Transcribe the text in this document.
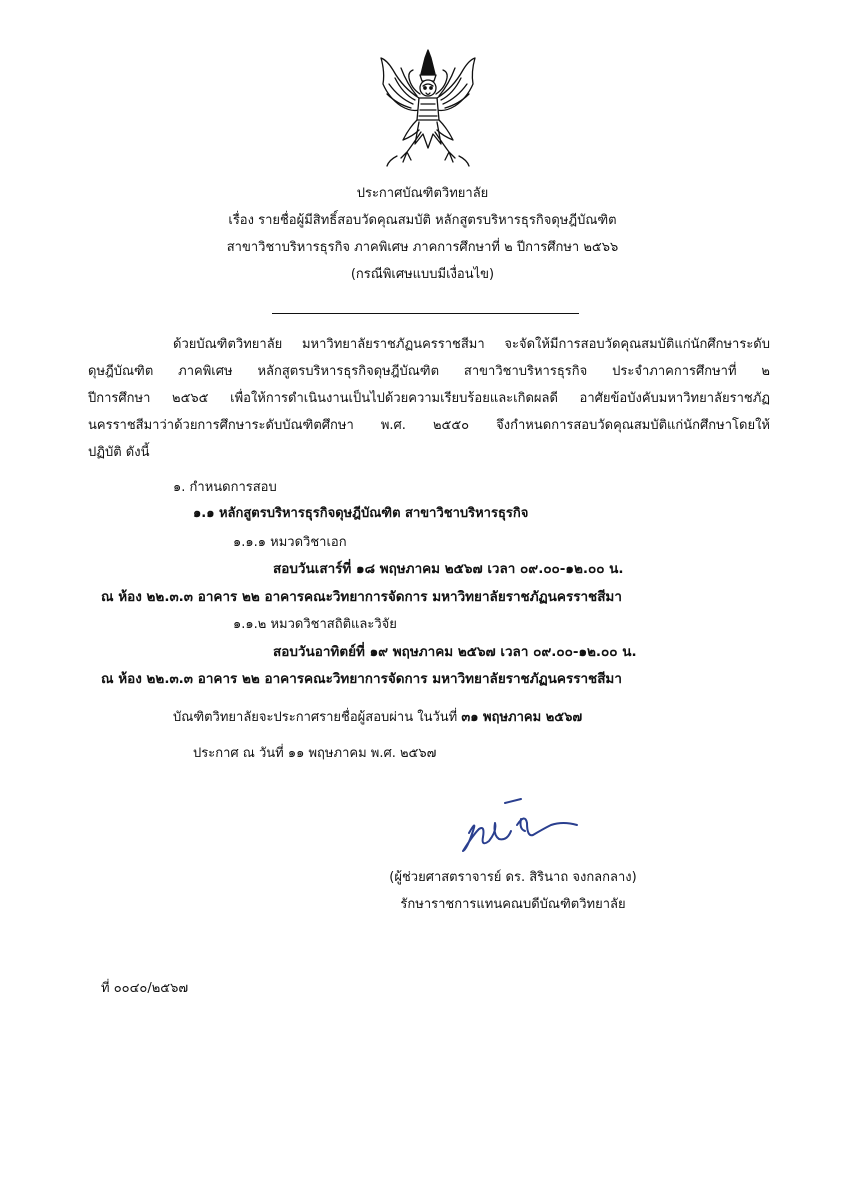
ประกาศบัณฑิตวิทยาลัย
เรื่อง รายชื่อผู้มีสิทธิ์สอบวัดคุณสมบัติ หลักสูตรบริหารธุรกิจดุษฎีบัณฑิต
สาขาวิชาบริหารธุรกิจ ภาคพิเศษ ภาคการศึกษาที่ ๒ ปีการศึกษา ๒๕๖๖
(กรณีพิเศษแบบมีเงื่อนไข)
ด้วยบัณฑิตวิทยาลัย มหาวิทยาลัยราชภัฏนครราชสีมา จะจัดให้มีการสอบวัดคุณสมบัติแก่นักศึกษาระดับ
ดุษฎีบัณฑิต ภาคพิเศษ หลักสูตรบริหารธุรกิจดุษฎีบัณฑิต สาขาวิชาบริหารธุรกิจ ประจำภาคการศึกษาที่ ๒
ปีการศึกษา ๒๕๖๕ เพื่อให้การดำเนินงานเป็นไปด้วยความเรียบร้อยและเกิดผลดี อาศัยข้อบังคับมหาวิทยาลัยราชภัฏ
นครราชสีมาว่าด้วยการศึกษาระดับบัณฑิตศึกษา พ.ศ. ๒๕๕๐ จึงกำหนดการสอบวัดคุณสมบัติแก่นักศึกษาโดยให้
ปฏิบัติ ดังนี้
๑. กำหนดการสอบ
๑.๑ หลักสูตรบริหารธุรกิจดุษฎีบัณฑิต สาขาวิชาบริหารธุรกิจ
๑.๑.๑ หมวดวิชาเอก
สอบวันเสาร์ที่ ๑๘ พฤษภาคม ๒๕๖๗ เวลา ๐๙.๐๐-๑๒.๐๐ น.
ณ ห้อง ๒๒.๓.๓ อาคาร ๒๒ อาคารคณะวิทยาการจัดการ มหาวิทยาลัยราชภัฏนครราชสีมา
๑.๑.๒ หมวดวิชาสถิติและวิจัย
สอบวันอาทิตย์ที่ ๑๙ พฤษภาคม ๒๕๖๗ เวลา ๐๙.๐๐-๑๒.๐๐ น.
ณ ห้อง ๒๒.๓.๓ อาคาร ๒๒ อาคารคณะวิทยาการจัดการ มหาวิทยาลัยราชภัฏนครราชสีมา
บัณฑิตวิทยาลัยจะประกาศรายชื่อผู้สอบผ่าน ในวันที่ ๓๑ พฤษภาคม ๒๕๖๗
ประกาศ ณ วันที่ ๑๑ พฤษภาคม พ.ศ. ๒๕๖๗
(ผู้ช่วยศาสตราจารย์ ดร. สิรินาถ จงกลกลาง)
รักษาราชการแทนคณบดีบัณฑิตวิทยาลัย
ที่ ๐๐๔๐/๒๕๖๗
